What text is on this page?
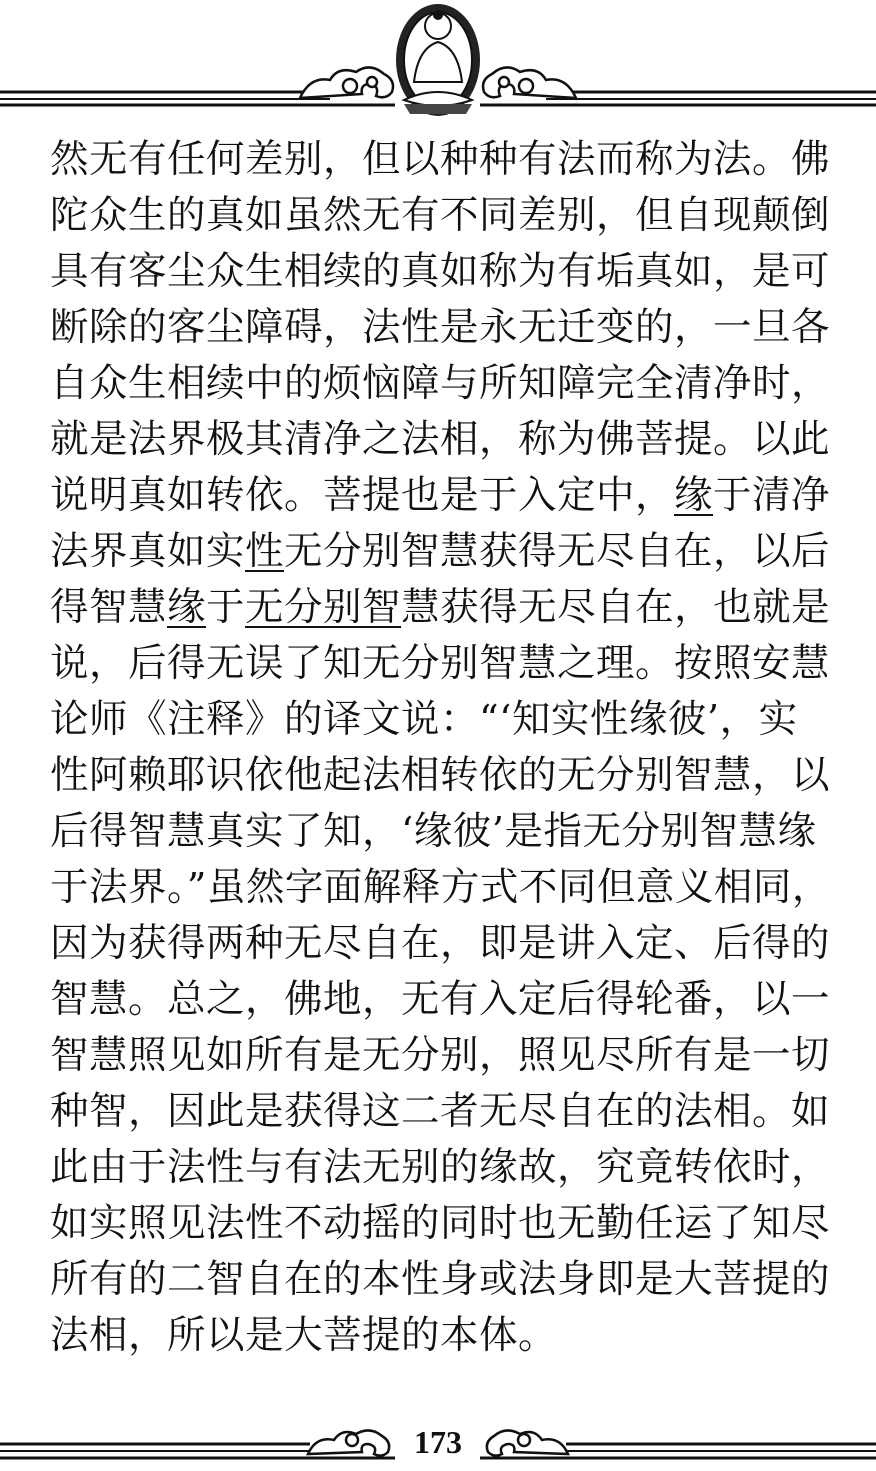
然无有任何差别，但以种种有法而称为法。佛
陀众生的真如虽然无有不同差别，但自现颠倒
具有客尘众生相续的真如称为有垢真如，是可
断除的客尘障碍，法性是永无迁变的，一旦各
自众生相续中的烦恼障与所知障完全清净时，
就是法界极其清净之法相，称为佛菩提。以此
说明真如转依。菩提也是于入定中，缘于清净
法界真如实性无分别智慧获得无尽自在，以后
得智慧缘于无分别智慧获得无尽自在，也就是
说，后得无误了知无分别智慧之理。按照安慧
论师《注释》的译文说：“‘知实性缘彼’，实
性阿赖耶识依他起法相转依的无分别智慧，以
后得智慧真实了知，‘缘彼’是指无分别智慧缘
于法界。”虽然字面解释方式不同但意义相同，
因为获得两种无尽自在，即是讲入定、后得的
智慧。总之，佛地，无有入定后得轮番，以一
智慧照见如所有是无分别，照见尽所有是一切
种智，因此是获得这二者无尽自在的法相。如
此由于法性与有法无别的缘故，究竟转依时，
如实照见法性不动摇的同时也无勤任运了知尽
所有的二智自在的本性身或法身即是大菩提的
法相，所以是大菩提的本体。
173
